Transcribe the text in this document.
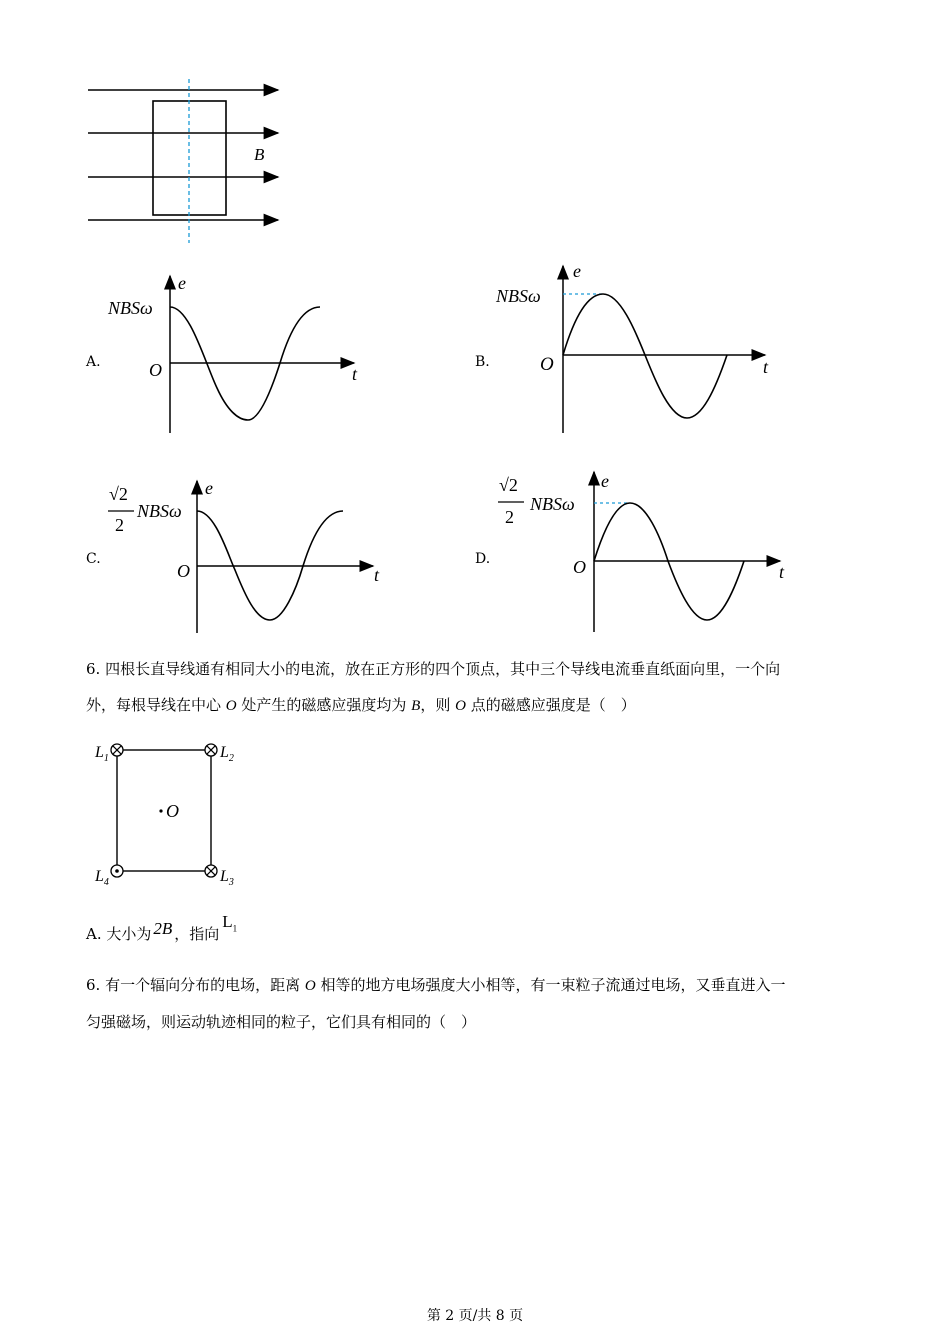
B
A.
e
t
O
NBSω
B.
e
t
O
NBSω
C.
e
t
O
√2
2
NBSω
D.
e
t
O
√2
2
NBSω
6. 四根长直导线通有相同大小的电流，放在正方形的四个顶点，其中三个导线电流垂直纸面向里，一个向
外，每根导线在中心 O 处产生的磁感应强度均为 B，则 O 点的磁感应强度是（　）
O
$L_1$	$L_2$
$L_3$
$L_4$
A. 大小为 2B ，指向$L_1$
6. 有一个辐向分布的电场，距离 O 相等的地方电场强度大小相等，有一束粒子流通过电场，又垂直进入一
匀强磁场，则运动轨迹相同的粒子，它们具有相同的（　）
第 2 页/共 8 页
